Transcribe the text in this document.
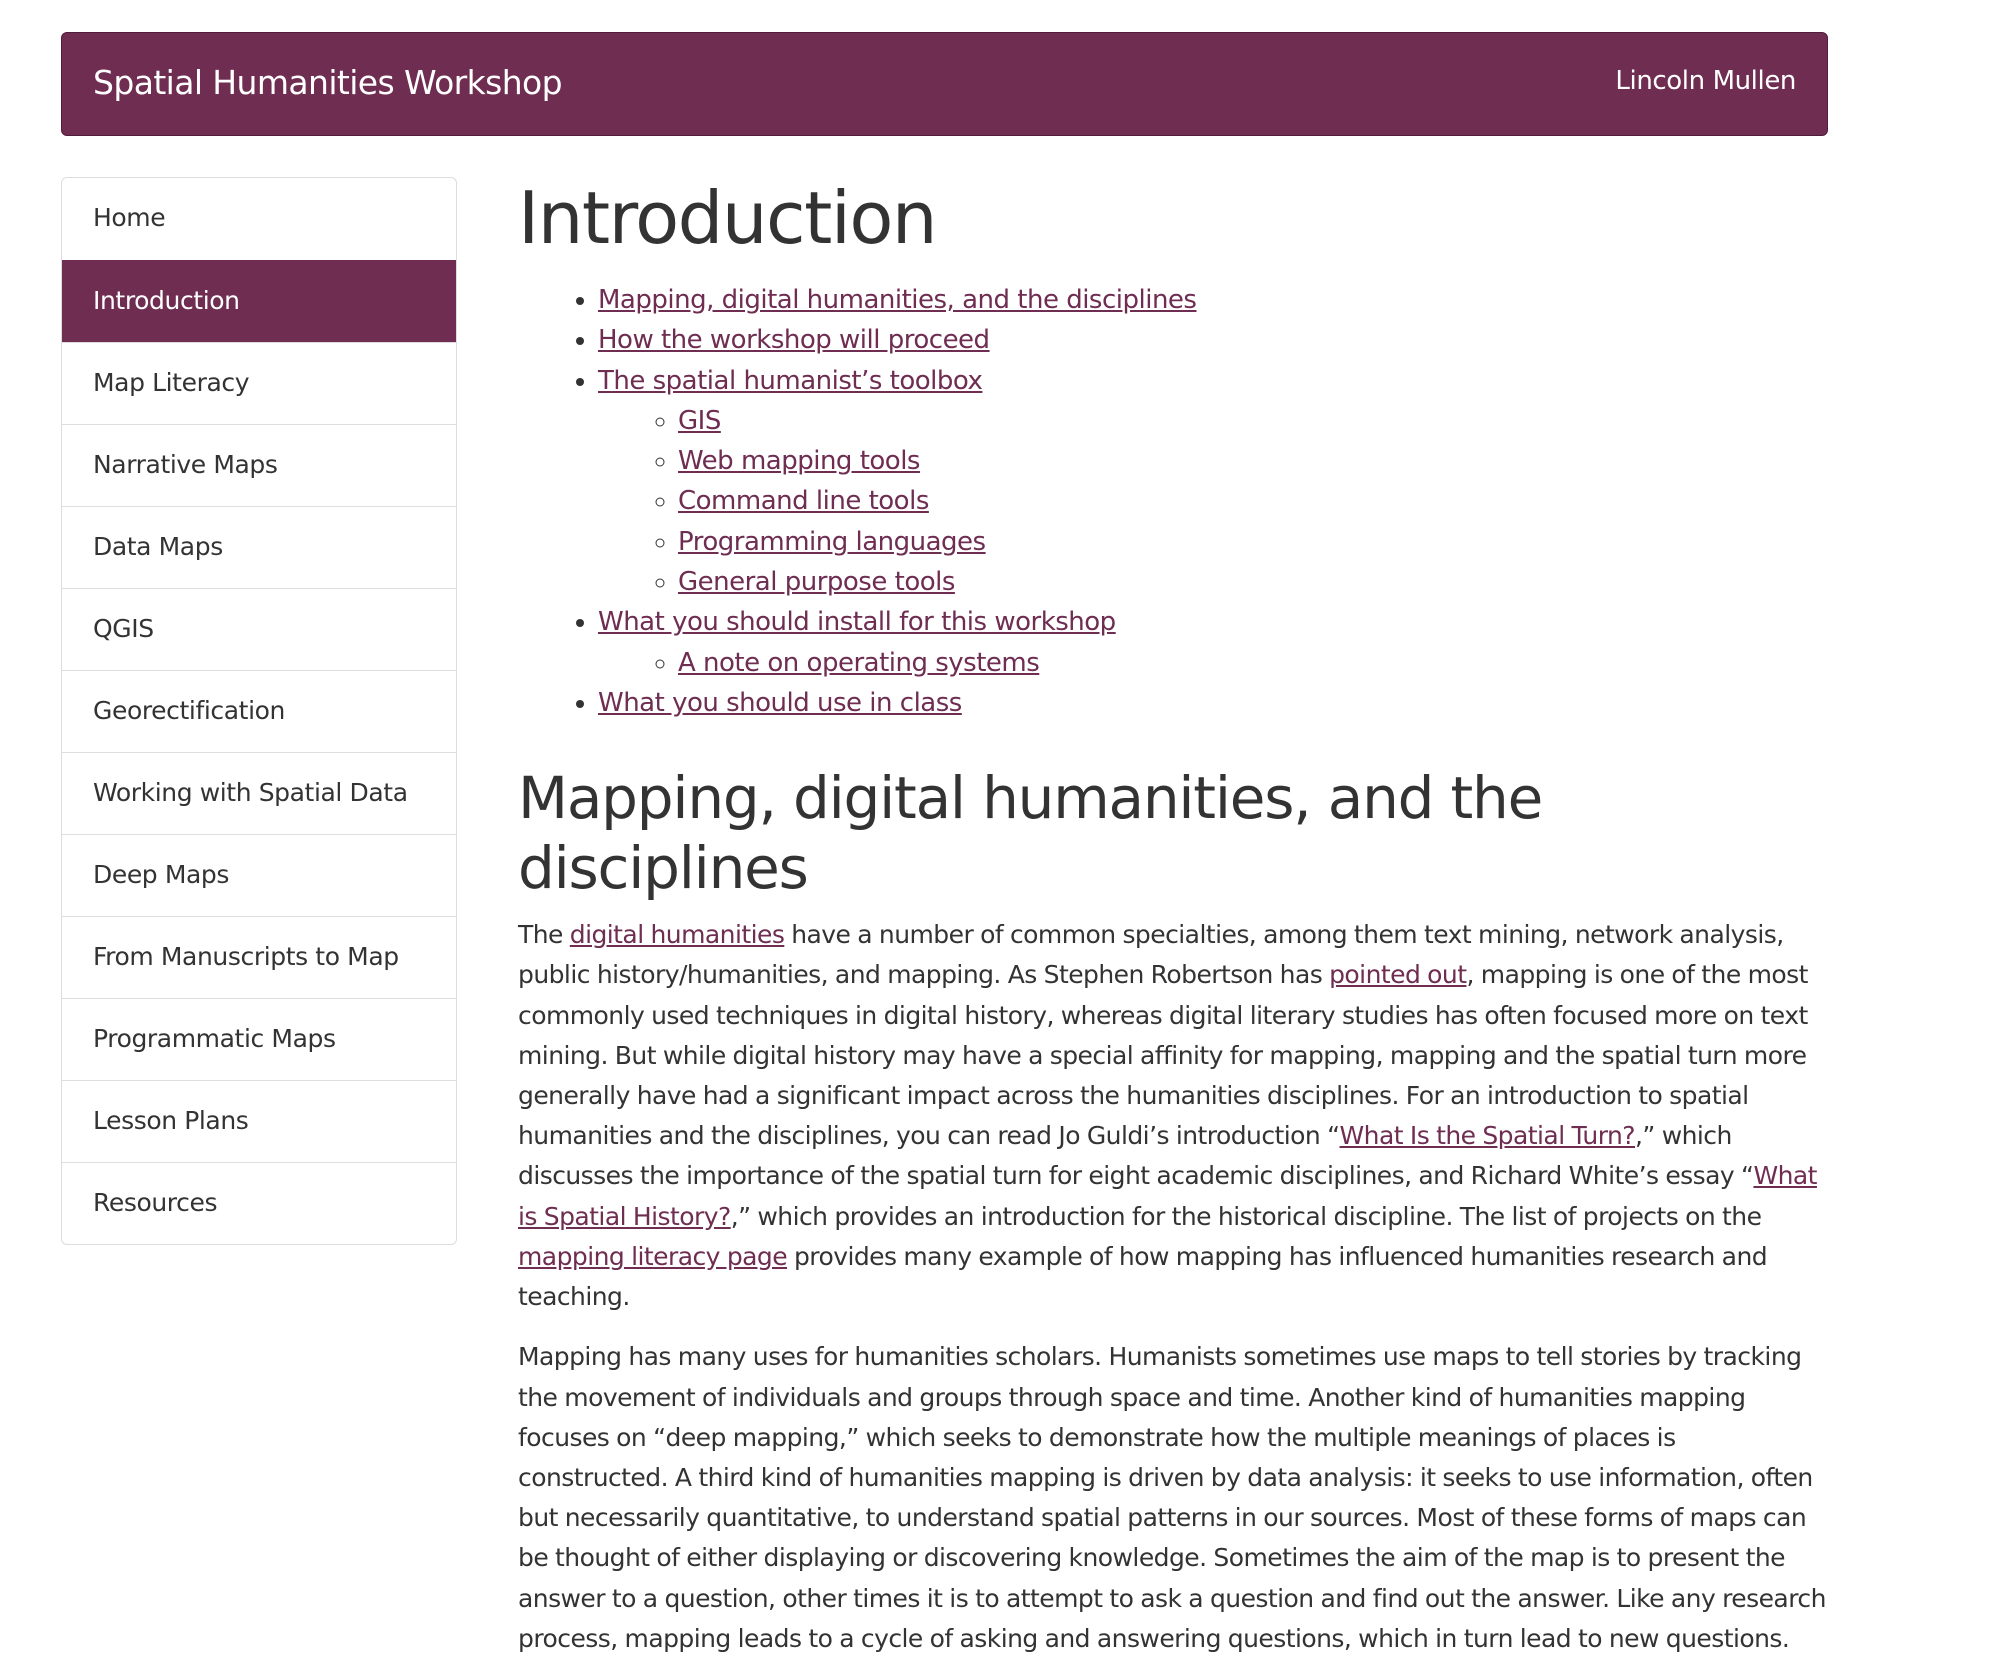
Spatial Humanities Workshop	Lincoln Mullen
Home
Introduction
Map Literacy
Narrative Maps
Data Maps
QGIS
Georectification
Working with Spatial Data
Deep Maps
From Manuscripts to Map
Programmatic Maps
Lesson Plans
Resources
Introduction
• Mapping, digital humanities, and the disciplines
• How the workshop will proceed
• The spatial humanist’s toolbox
◦ GIS
◦ Web mapping tools
◦ Command line tools
◦ Programming languages
◦ General purpose tools
• What you should install for this workshop
◦ A note on operating systems
• What you should use in class
Mapping, digital humanities, and the disciplines

The digital humanities have a number of common specialties, among them text mining, network analysis, public history/humanities, and mapping. As Stephen Robertson has pointed out, mapping is one of the most commonly used techniques in digital history, whereas digital literary studies has often focused more on text mining. But while digital history may have a special affinity for mapping, mapping and the spatial turn more generally have had a significant impact across the humanities disciplines. For an introduction to spatial humanities and the disciplines, you can read Jo Guldi’s introduction “What Is the Spatial Turn?,” which discusses the importance of the spatial turn for eight academic disciplines, and Richard White’s essay “What is Spatial History?,” which provides an introduction for the historical discipline. The list of projects on the mapping literacy page provides many example of how mapping has influenced humanities research and teaching.

Mapping has many uses for humanities scholars. Humanists sometimes use maps to tell stories by tracking the movement of individuals and groups through space and time. Another kind of humanities mapping focuses on “deep mapping,” which seeks to demonstrate how the multiple meanings of places is constructed. A third kind of humanities mapping is driven by data analysis: it seeks to use information, often but necessarily quantitative, to understand spatial patterns in our sources. Most of these forms of maps can be thought of either displaying or discovering knowledge. Sometimes the aim of the map is to present the answer to a question, other times it is to attempt to ask a question and find out the answer. Like any research process, mapping leads to a cycle of asking and answering questions, which in turn lead to new questions.
